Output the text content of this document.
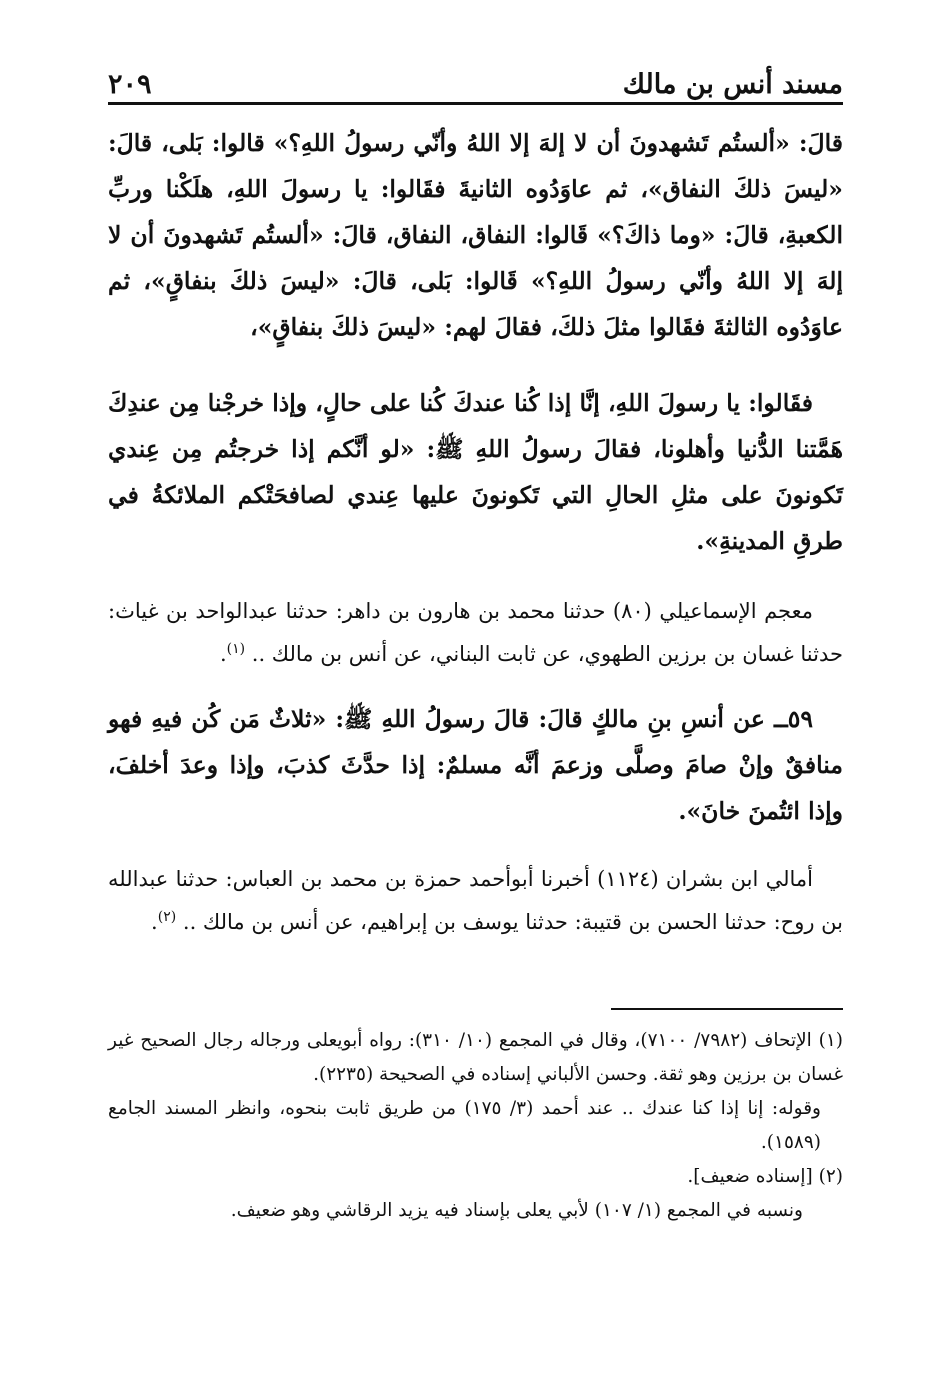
مسند أنس بن مالك
٢٠٩

قالَ: «ألستُم تَشهدونَ أن لا إلهَ إلا اللهُ وأنّي رسولُ اللهِ؟» قالوا: بَلى، قالَ: «ليسَ ذلكَ النفاق»، ثم عاوَدُوه الثانيةَ فقَالوا: يا رسولَ اللهِ، هلَكْنا وربِّ الكعبةِ، قالَ: «وما ذاكَ؟» قَالوا: النفاق، النفاق، قالَ: «ألستُم تَشهدونَ أن لا إلهَ إلا اللهُ وأنّي رسولُ اللهِ؟» قَالوا: بَلى، قالَ: «ليسَ ذلكَ بنفاقٍ»، ثم عاوَدُوه الثالثةَ فقَالوا مثلَ ذلكَ، فقالَ لهم: «ليسَ ذلكَ بنفاقٍ»،

فقَالوا: يا رسولَ اللهِ، إنَّا إذا كُنا عندكَ كُنا على حالٍ، وإذا خرجْنا مِن عندِكَ هَمَّتنا الدُّنيا وأهلونا، فقالَ رسولُ اللهِ ﷺ: «لو أنَّكم إذا خرجتُم مِن عِندي تَكونونَ على مثلِ الحالِ التي تَكونونَ عليها عِندي لصافحَتْكم الملائكةُ في طرقِ المدينةِ».

معجم الإسماعيلي (٨٠) حدثنا محمد بن هارون بن داهر: حدثنا عبدالواحد بن غياث: حدثنا غسان بن برزين الطهوي، عن ثابت البناني، عن أنس بن مالك .. $^{(١)}$.

٥٩ــ عن أنسِ بنِ مالكٍ قالَ: قالَ رسولُ اللهِ ﷺ: «ثلاثٌ مَن كُن فيهِ فهو منافقٌ وإنْ صامَ وصلَّى وزعمَ أنَّه مسلمٌ: إذا حدَّثَ كذبَ، وإذا وعدَ أخلفَ، وإذا ائتُمنَ خانَ».

أمالي ابن بشران (١١٢٤) أخبرنا أبوأحمد حمزة بن محمد بن العباس: حدثنا عبدالله بن روح: حدثنا الحسن بن قتيبة: حدثنا يوسف بن إبراهيم، عن أنس بن مالك .. $^{(٢)}$.

(١) الإتحاف (٧٩٨٢/ ٧١٠٠)، وقال في المجمع (١٠/ ٣١٠): رواه أبويعلى ورجاله رجال الصحيح غير غسان بن برزين وهو ثقة. وحسن الألباني إسناده في الصحيحة (٢٢٣٥).

وقوله: إنا إذا كنا عندك .. عند أحمد (٣/ ١٧٥) من طريق ثابت بنحوه، وانظر المسند الجامع (١٥٨٩).

(٢) [إسناده ضعيف].

ونسبه في المجمع (١/ ١٠٧) لأبي يعلى بإسناد فيه يزيد الرقاشي وهو ضعيف.
